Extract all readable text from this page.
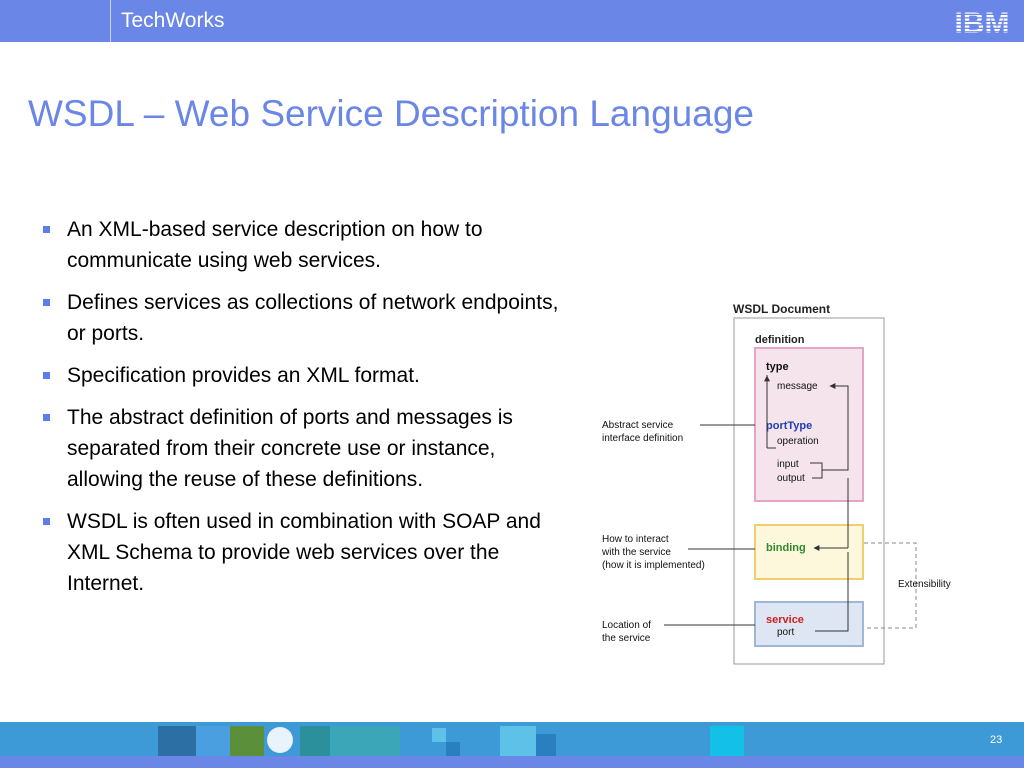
TechWorks
WSDL – Web Service Description Language
An XML-based service description on how to communicate using web services.
Defines services as collections of network endpoints, or ports.
Specification provides an XML format.
The abstract definition of ports and messages is separated from their concrete use or instance, allowing the reuse of these definitions.
WSDL is often used in combination with SOAP and XML Schema to provide web services over the Internet.
WSDL Document
definition
type
message
portType
operation
input
output
binding
service
port
Abstract service
interface definition
How to interact
with the service
(how it is implemented)
Location of
the service
Extensibility
23
